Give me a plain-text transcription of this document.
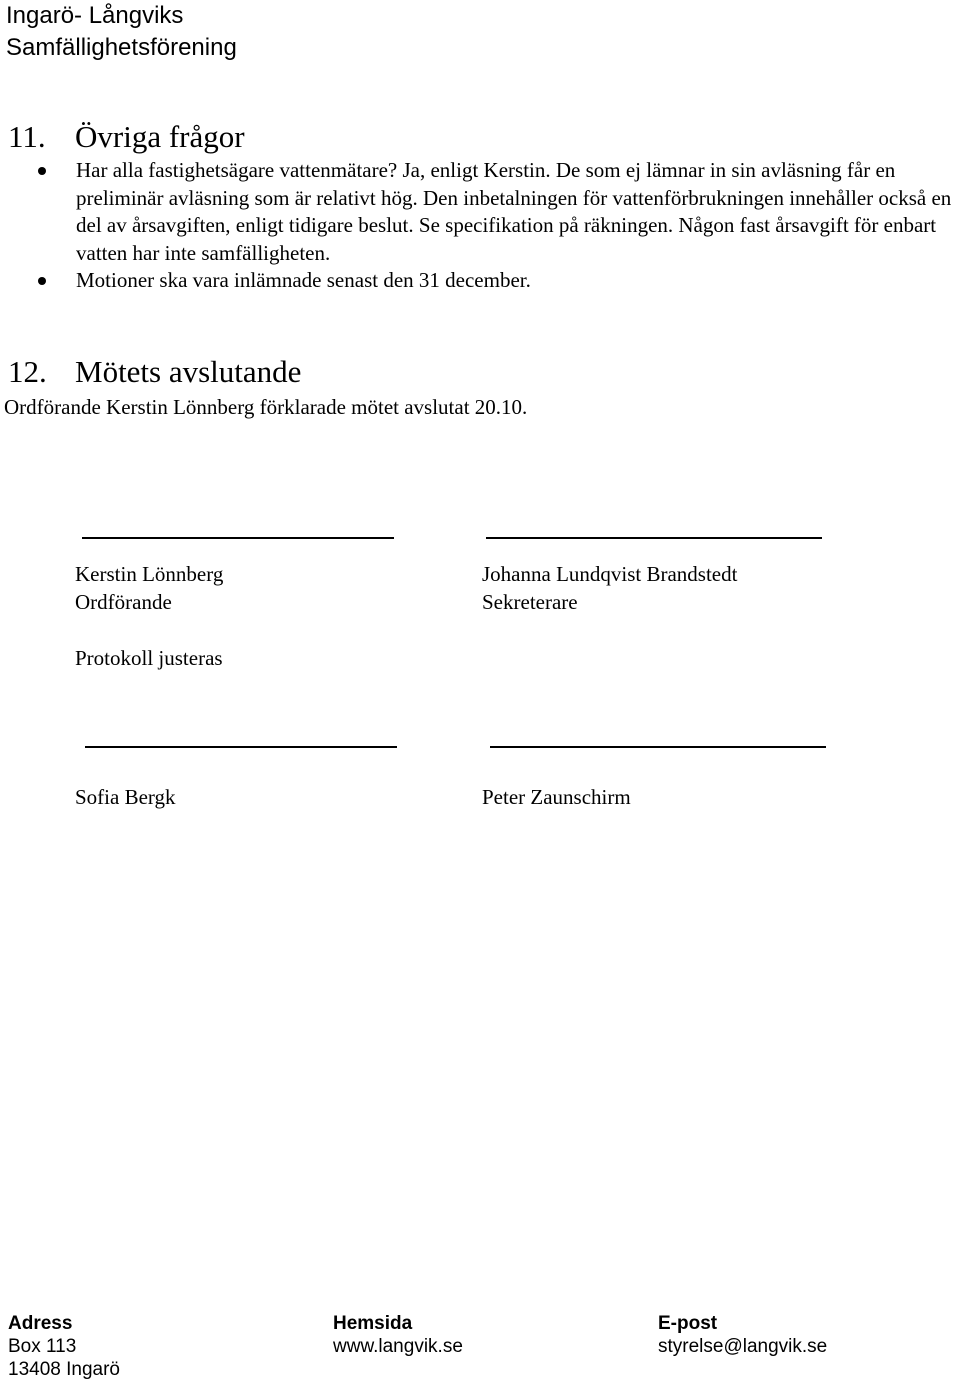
Ingarö- Långviks
Samfällighetsförening
11. Övriga frågor
Har alla fastighetsägare vattenmätare? Ja, enligt Kerstin. De som ej lämnar in sin avläsning får en preliminär avläsning som är relativt hög. Den inbetalningen för vattenförbrukningen innehåller också en del av årsavgiften, enligt tidigare beslut. Se specifikation på räkningen. Någon fast årsavgift för enbart vatten har inte samfälligheten.
Motioner ska vara inlämnade senast den 31 december.
12. Mötets avslutande

Ordförande Kerstin Lönnberg förklarade mötet avslutat 20.10.

Kerstin Lönnberg

Ordförande

Johanna Lundqvist Brandstedt

Sekreterare

Protokoll justeras

Sofia Bergk	Peter Zaunschirm

Adress
Box 113
13408 Ingarö
Hemsida
www.langvik.se
E-post
styrelse@langvik.se
